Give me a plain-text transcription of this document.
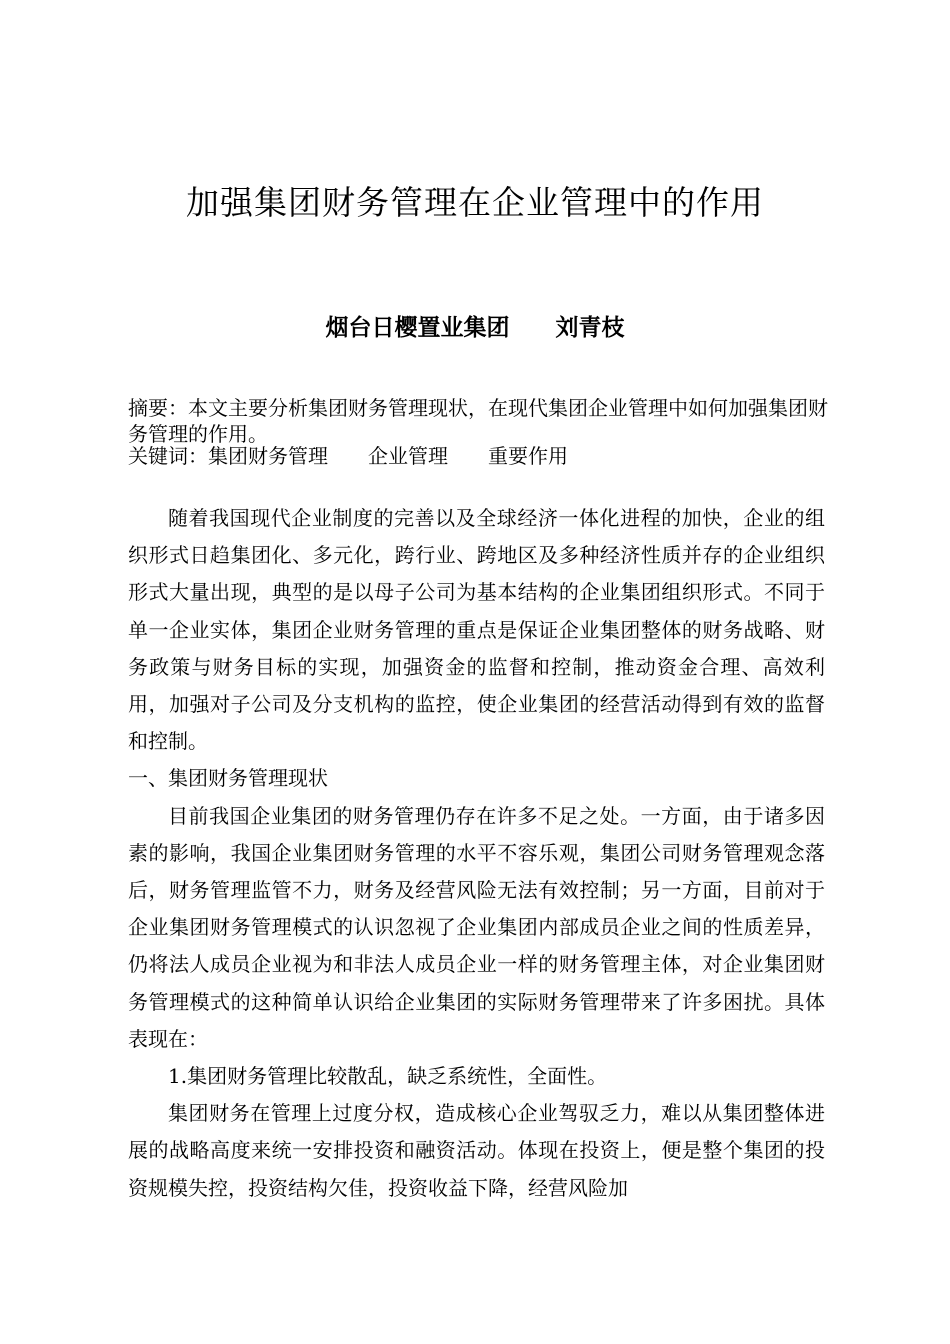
加强集团财务管理在企业管理中的作用
烟台日樱置业集团　　刘青枝
摘要：本文主要分析集团财务管理现状，在现代集团企业管理中如何加强集团财务管理的作用。
关键词：集团财务管理　　企业管理　　重要作用

随着我国现代企业制度的完善以及全球经济一体化进程的加快，企业的组织形式日趋集团化、多元化，跨行业、跨地区及多种经济性质并存的企业组织形式大量出现，典型的是以母子公司为基本结构的企业集团组织形式。不同于单一企业实体，集团企业财务管理的重点是保证企业集团整体的财务战略、财务政策与财务目标的实现，加强资金的监督和控制，推动资金合理、高效利用，加强对子公司及分支机构的监控，使企业集团的经营活动得到有效的监督和控制。

一、集团财务管理现状

目前我国企业集团的财务管理仍存在许多不足之处。一方面，由于诸多因素的影响，我国企业集团财务管理的水平不容乐观，集团公司财务管理观念落后，财务管理监管不力，财务及经营风险无法有效控制；另一方面，目前对于企业集团财务管理模式的认识忽视了企业集团内部成员企业之间的性质差异，仍将法人成员企业视为和非法人成员企业一样的财务管理主体，对企业集团财务管理模式的这种简单认识给企业集团的实际财务管理带来了许多困扰。具体表现在：

1.集团财务管理比较散乱，缺乏系统性，全面性。

集团财务在管理上过度分权，造成核心企业驾驭乏力，难以从集团整体进展的战略高度来统一安排投资和融资活动。体现在投资上，便是整个集团的投资规模失控，投资结构欠佳，投资收益下降，经营风险加
